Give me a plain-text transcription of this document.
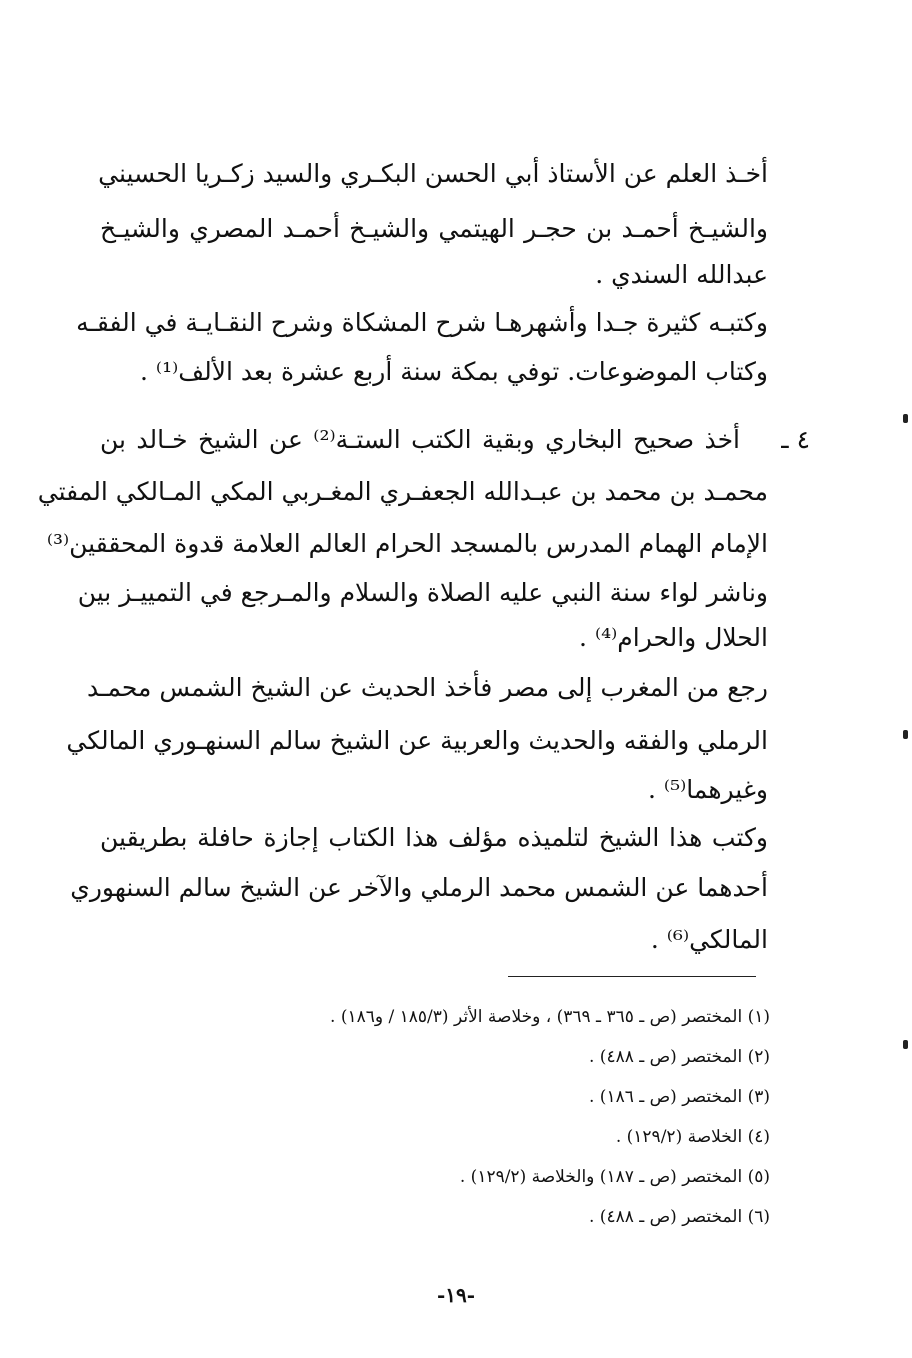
أخـذ العلم عن الأستاذ أبي الحسن البكـري والسيد زكـريا الحسيني
والشيـخ أحمـد بن حجـر الهيتمي والشيـخ أحمـد المصري والشيـخ
عبدالله السندي .
وكتبـه كثيرة جـدا وأشهرهـا شرح المشكاة وشرح النقـايـة في الفقـه
وكتاب الموضوعات. توفي بمكة سنة أربع عشرة بعد الألف⁽¹⁾ .
٤ ـ
أخذ صحيح البخاري وبقية الكتب الستـة⁽²⁾ عن الشيخ خـالد بن
محمـد بن محمد بن عبـدالله الجعفـري المغـربي المكي المـالكي المفتي
الإمام الهمام المدرس بالمسجد الحرام العالم العلامة قدوة المحققين⁽³⁾
وناشر لواء سنة النبي عليه الصلاة والسلام والمـرجع في التمييـز بين
الحلال والحرام⁽⁴⁾ .
رجع من المغرب إلى مصر فأخذ الحديث عن الشيخ الشمس محمـد
الرملي والفقه والحديث والعربية عن الشيخ سالم السنهـوري المالكي
وغيرهما⁽⁵⁾ .
وكتب هذا الشيخ لتلميذه مؤلف هذا الكتاب إجازة حافلة بطريقين
أحدهما عن الشمس محمد الرملي والآخر عن الشيخ سالم السنهوري
المالكي⁽⁶⁾ .
(١) المختصر (ص ـ ٣٦٥ ـ ٣٦٩) ، وخلاصة الأثر (١٨٥/٣ / و١٨٦) .
(٢) المختصر (ص ـ ٤٨٨) .
(٣) المختصر (ص ـ ١٨٦) .
(٤) الخلاصة (١٢٩/٢) .
(٥) المختصر (ص ـ ١٨٧) والخلاصة (١٢٩/٢) .
(٦) المختصر (ص ـ ٤٨٨) .
-١٩-
